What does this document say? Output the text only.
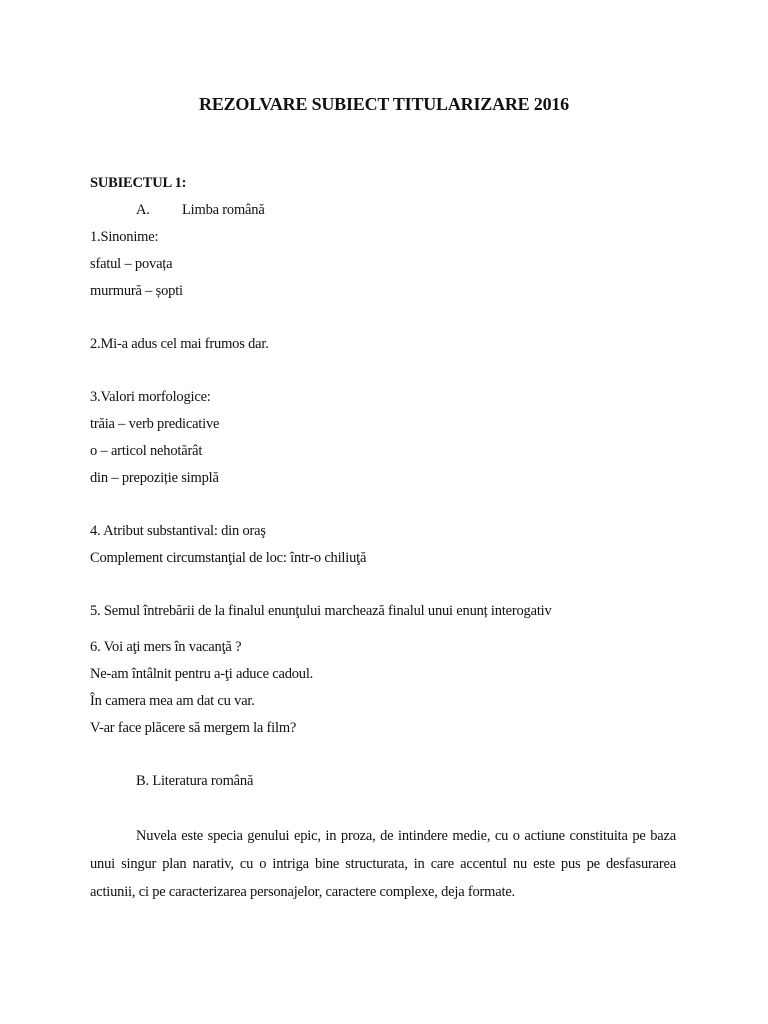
REZOLVARE SUBIECT TITULARIZARE 2016
SUBIECTUL 1:
A. Limba română
1.Sinonime:
sfatul – povața
murmură – șopti
2.Mi-a adus cel mai frumos dar.
3.Valori morfologice:
trăia – verb predicative
o – articol nehotărât
din – prepoziție simplă
4. Atribut substantival: din oraş
Complement circumstanţial de loc: într-o chiliuţă
5. Semul întrebării de la finalul enunţului marchează finalul unui enunț interogativ
6. Voi aţi mers în vacanţă ?
Ne-am întâlnit pentru a-ţi aduce cadoul.
În camera mea am dat cu var.
V-ar face plăcere să mergem la film?
B. Literatura română
Nuvela este specia genului epic, in proza, de intindere medie, cu o actiune constituita pe baza unui singur plan narativ, cu o intriga bine structurata, in care accentul nu este pus pe desfasurarea actiunii, ci pe caracterizarea personajelor, caractere complexe, deja formate.
